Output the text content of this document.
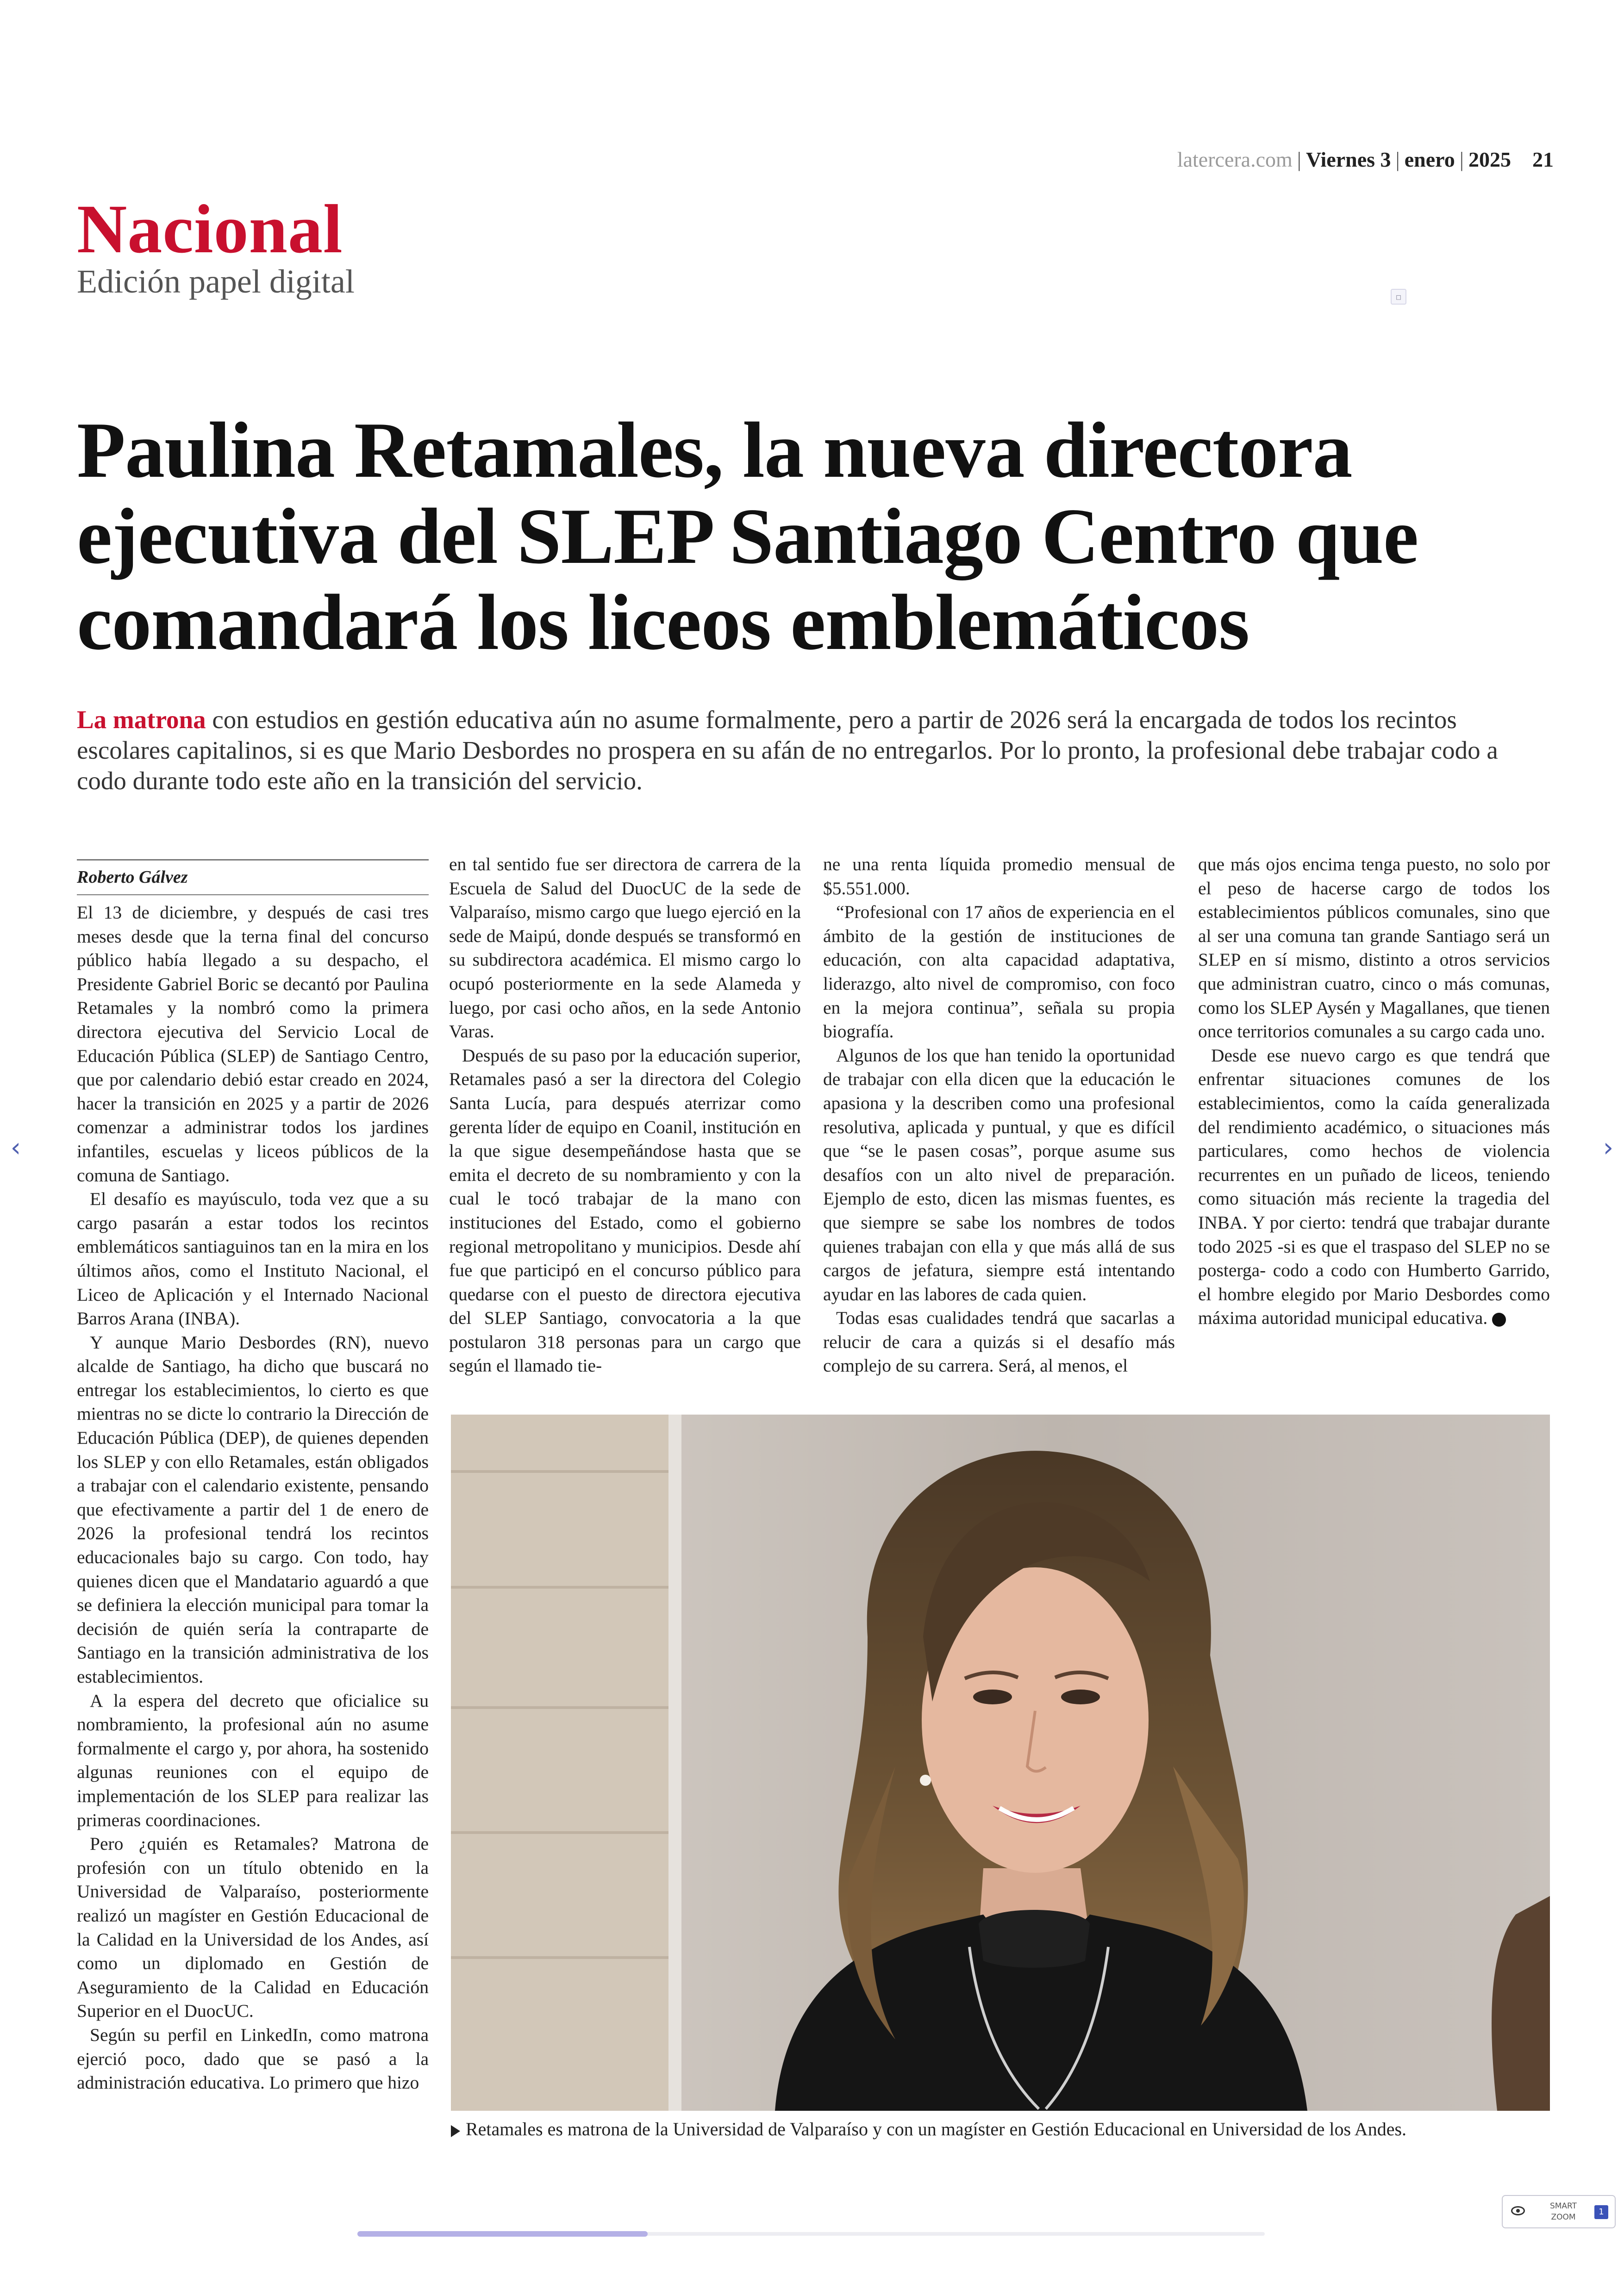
latercera.com | Viernes 3 | enero | 2025 21
Nacional
Edición papel digital	▫
Paulina Retamales, la nueva directora ejecutiva del SLEP Santiago Centro que comandará los liceos emblemáticos
La matrona con estudios en gestión educativa aún no asume formalmente, pero a partir de 2026 será la encargada de todos los recintos escolares capitalinos, si es que Mario Desbordes no prospera en su afán de no entregarlos. Por lo pronto, la profesional debe trabajar codo a codo durante todo este año en la transición del servicio.
Roberto Gálvez

El 13 de diciembre, y después de casi tres meses desde que la terna final del concurso público había llegado a su despacho, el Presidente Gabriel Boric se decantó por Paulina Retamales y la nombró como la primera directora ejecutiva del Servicio Local de Educación Pública (SLEP) de Santiago Centro, que por calendario debió estar creado en 2024, hacer la transición en 2025 y a partir de 2026 comenzar a administrar todos los jardines infantiles, escuelas y liceos públicos de la comuna de Santiago.

El desafío es mayúsculo, toda vez que a su cargo pasarán a estar todos los recintos emblemáticos santiaguinos tan en la mira en los últimos años, como el Instituto Nacional, el Liceo de Aplicación y el Internado Nacional Barros Arana (INBA).

Y aunque Mario Desbordes (RN), nuevo alcalde de Santiago, ha dicho que buscará no entregar los establecimientos, lo cierto es que mientras no se dicte lo contrario la Dirección de Educación Pública (DEP), de quienes dependen los SLEP y con ello Retamales, están obligados a trabajar con el calendario existente, pensando que efectivamente a partir del 1 de enero de 2026 la profesional tendrá los recintos educacionales bajo su cargo. Con todo, hay quienes dicen que el Mandatario aguardó a que se definiera la elección municipal para tomar la decisión de quién sería la contraparte de Santiago en la transición administrativa de los establecimientos.

A la espera del decreto que oficialice su nombramiento, la profesional aún no asume formalmente el cargo y, por ahora, ha sostenido algunas reuniones con el equipo de implementación de los SLEP para realizar las primeras coordinaciones.

Pero ¿quién es Retamales? Matrona de profesión con un título obtenido en la Universidad de Valparaíso, posteriormente realizó un magíster en Gestión Educacional de la Calidad en la Universidad de los Andes, así como un diplomado en Gestión de Aseguramiento de la Calidad en Educación Superior en el DuocUC.

Según su perfil en LinkedIn, como matrona ejerció poco, dado que se pasó a la administración educativa. Lo primero que hizo

en tal sentido fue ser directora de carrera de la Escuela de Salud del DuocUC de la sede de Valparaíso, mismo cargo que luego ejerció en la sede de Maipú, donde después se transformó en su subdirectora académica. El mismo cargo lo ocupó posteriormente en la sede Alameda y luego, por casi ocho años, en la sede Antonio Varas.

Después de su paso por la educación superior, Retamales pasó a ser la directora del Colegio Santa Lucía, para después aterrizar como gerenta líder de equipo en Coanil, institución en la que sigue desempeñándose hasta que se emita el decreto de su nombramiento y con la cual le tocó trabajar de la mano con instituciones del Estado, como el gobierno regional metropolitano y municipios. Desde ahí fue que participó en el concurso público para quedarse con el puesto de directora ejecutiva del SLEP Santiago, convocatoria a la que postularon 318 personas para un cargo que según el llamado tie-

ne una renta líquida promedio mensual de $5.551.000.

“Profesional con 17 años de experiencia en el ámbito de la gestión de instituciones de educación, con alta capacidad adaptativa, liderazgo, alto nivel de compromiso, con foco en la mejora continua”, señala su propia biografía.

Algunos de los que han tenido la oportunidad de trabajar con ella dicen que la educación le apasiona y la describen como una profesional resolutiva, aplicada y puntual, y que es difícil que “se le pasen cosas”, porque asume sus desafíos con un alto nivel de preparación. Ejemplo de esto, dicen las mismas fuentes, es que siempre se sabe los nombres de todos quienes trabajan con ella y que más allá de sus cargos de jefatura, siempre está intentando ayudar en las labores de cada quien.

Todas esas cualidades tendrá que sacarlas a relucir de cara a quizás si el desafío más complejo de su carrera. Será, al menos, el

que más ojos encima tenga puesto, no solo por el peso de hacerse cargo de todos los establecimientos públicos comunales, sino que al ser una comuna tan grande Santiago será un SLEP en sí mismo, distinto a otros servicios que administran cuatro, cinco o más comunas, como los SLEP Aysén y Magallanes, que tienen once territorios comunales a su cargo cada uno.

Desde ese nuevo cargo es que tendrá que enfrentar situaciones comunes de los establecimientos, como la caída generalizada del rendimiento académico, o situaciones más particulares, como hechos de violencia recurrentes en un puñado de liceos, teniendo como situación más reciente la tragedia del INBA. Y por cierto: tendrá que trabajar durante todo 2025 -si es que el traspaso del SLEP no se posterga- codo a codo con Humberto Garrido, el hombre elegido por Mario Desbordes como máxima autoridad municipal educativa.

Retamales es matrona de la Universidad de Valparaíso y con un magíster en Gestión Educacional en Universidad de los Andes.
‹	›
SMART ZOOM
1
